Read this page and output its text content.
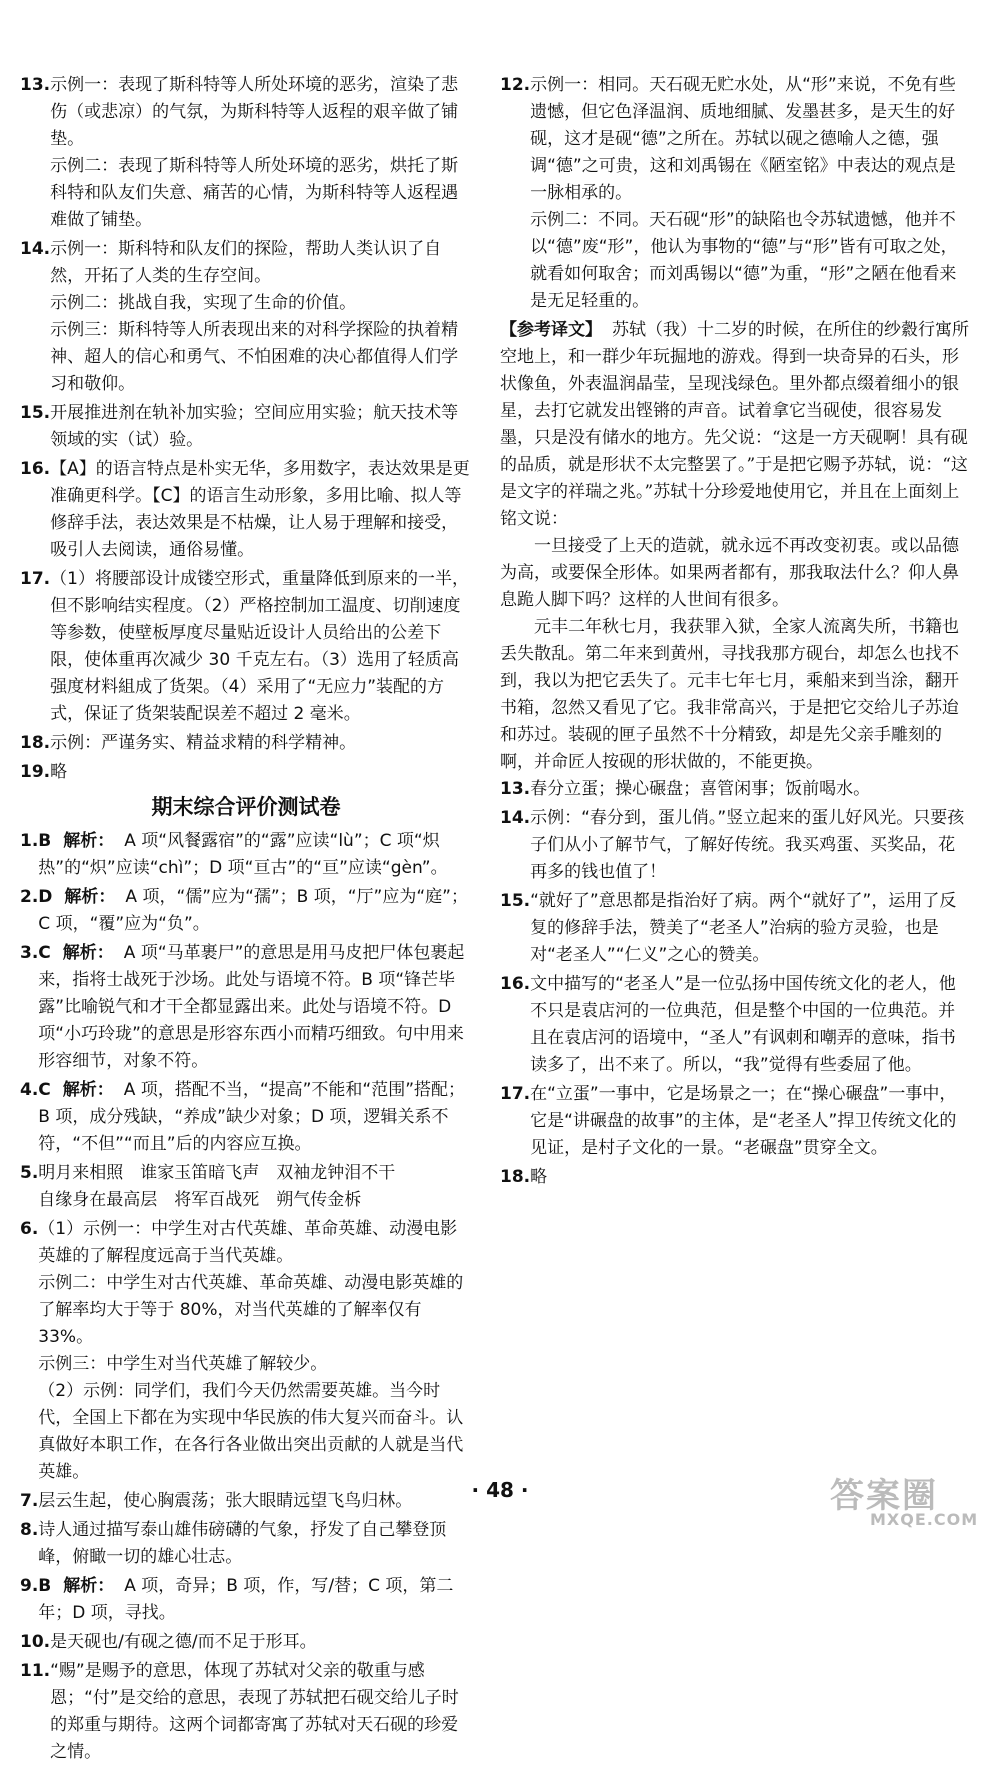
13. 示例一：表现了斯科特等人所处环境的恶劣，渲染了悲伤（或悲凉）的气氛，为斯科特等人返程的艰辛做了铺垫。

示例二：表现了斯科特等人所处环境的恶劣，烘托了斯科特和队友们失意、痛苦的心情，为斯科特等人返程遇难做了铺垫。

14. 示例一：斯科特和队友们的探险，帮助人类认识了自然，开拓了人类的生存空间。

示例二：挑战自我，实现了生命的价值。

示例三：斯科特等人所表现出来的对科学探险的执着精神、超人的信心和勇气、不怕困难的决心都值得人们学习和敬仰。

15. 开展推进剂在轨补加实验；空间应用实验；航天技术等领域的实（试）验。

16. 【A】的语言特点是朴实无华，多用数字，表达效果是更准确更科学。【C】的语言生动形象，多用比喻、拟人等修辞手法，表达效果是不枯燥，让人易于理解和接受，吸引人去阅读，通俗易懂。

17. （1）将腰部设计成镂空形式，重量降低到原来的一半，但不影响结实程度。（2）严格控制加工温度、切削速度等参数，使壁板厚度尽量贴近设计人员给出的公差下限，使体重再次减少 30 千克左右。（3）选用了轻质高强度材料組成了货架。（4）采用了“无应力”装配的方式，保证了货架装配误差不超过 2 毫米。

18. 示例：严谨务实、精益求精的科学精神。

19. 略

期末综合评价测试卷
1. B 解析： A 项“风餐露宿”的“露”应读“lù”；C 项“炽热”的“炽”应读“chì”；D 项“亘古”的“亘”应读“gèn”。

2. D 解析： A 项，“儒”应为“孺”；B 项，“厅”应为“庭”；C 项，“覆”应为“负”。

3. C 解析： A 项“马革裹尸”的意思是用马皮把尸体包裹起来，指将士战死于沙场。此处与语境不符。B 项“锋芒毕露”比喻锐气和才干全都显露出来。此处与语境不符。D 项“小巧玲珑”的意思是形容东西小而精巧细致。句中用来形容细节，对象不符。

4. C 解析： A 项，搭配不当，“提高”不能和“范围”搭配；B 项，成分残缺，“养成”缺少对象；D 项，逻辑关系不符，“不但”“而且”后的内容应互换。

5. 明月来相照　谁家玉笛暗飞声　双袖龙钟泪不干

自缘身在最高层　将军百战死　朔气传金柝

6. （1）示例一：中学生对古代英雄、革命英雄、动漫电影英雄的了解程度远高于当代英雄。

示例二：中学生对古代英雄、革命英雄、动漫电影英雄的了解率均大于等于 80%，对当代英雄的了解率仅有 33%。

示例三：中学生对当代英雄了解较少。

（2）示例：同学们，我们今天仍然需要英雄。当今时代，全国上下都在为实现中华民族的伟大复兴而奋斗。认真做好本职工作，在各行各业做出突出贡献的人就是当代英雄。

7. 层云生起，使心胸震荡；张大眼睛远望飞鸟归林。

8. 诗人通过描写泰山雄伟磅礴的气象，抒发了自己攀登顶峰，俯瞰一切的雄心壮志。

9. B 解析： A 项，奇异；B 项，作，写/替；C 项，第二年；D 项，寻找。

10. 是天砚也/有砚之德/而不足于形耳。

11. “赐”是赐予的意思，体现了苏轼对父亲的敬重与感恩；“付”是交给的意思，表现了苏轼把石砚交给儿子时的郑重与期待。这两个词都寄寓了苏轼对天石砚的珍爱之情。

12. 示例一：相同。天石砚无贮水处，从“形”来说，不免有些遗憾，但它色泽温润、质地细腻、发墨甚多，是天生的好砚，这才是砚“德”之所在。苏轼以砚之德喻人之德，强调“德”之可贵，这和刘禹锡在《陋室铭》中表达的观点是一脉相承的。

示例二：不同。天石砚“形”的缺陷也令苏轼遗憾，他并不以“德”废“形”，他认为事物的“德”与“形”皆有可取之处，就看如何取舍；而刘禹锡以“德”为重，“形”之陋在他看来是无足轻重的。

【参考译文】 苏轼（我）十二岁的时候，在所住的纱縠行寓所空地上，和一群少年玩掘地的游戏。得到一块奇异的石头，形状像鱼，外表温润晶莹，呈现浅绿色。里外都点缀着细小的银星，去打它就发出铿锵的声音。试着拿它当砚使，很容易发墨，只是没有储水的地方。先父说：“这是一方天砚啊！具有砚的品质，就是形状不太完整罢了。”于是把它赐予苏轼，说：“这是文字的祥瑞之兆。”苏轼十分珍爱地使用它，并且在上面刻上铭文说：

一旦接受了上天的造就，就永远不再改变初衷。或以品德为高，或要保全形体。如果两者都有，那我取法什么？仰人鼻息跪人脚下吗？这样的人世间有很多。

元丰二年秋七月，我获罪入狱，全家人流离失所，书籍也丢失散乱。第二年来到黄州，寻找我那方砚台，却怎么也找不到，我以为把它丢失了。元丰七年七月，乘船来到当涂，翻开书箱，忽然又看见了它。我非常高兴，于是把它交给儿子苏迨和苏过。装砚的匣子虽然不十分精致，却是先父亲手雕刻的啊，并命匠人按砚的形状做的，不能更换。

13. 春分立蛋；操心碾盘；喜管闲事；饭前喝水。

14. 示例：“春分到，蛋儿俏。”竖立起来的蛋儿好风光。只要孩子们从小了解节气，了解好传统。我买鸡蛋、买奖品，花再多的钱也值了！

15. “就好了”意思都是指治好了病。两个“就好了”，运用了反复的修辞手法，赞美了“老圣人”治病的验方灵验，也是对“老圣人”“仁义”之心的赞美。

16. 文中描写的“老圣人”是一位弘扬中国传统文化的老人，他不只是袁店河的一位典范，但是整个中国的一位典范。并且在袁店河的语境中，“圣人”有讽刺和嘲弄的意味，指书读多了，出不来了。所以，“我”觉得有些委屈了他。

17. 在“立蛋”一事中，它是场景之一；在“操心碾盘”一事中，它是“讲碾盘的故事”的主体，是“老圣人”捍卫传统文化的见证，是村子文化的一景。“老碾盘”贯穿全文。

18. 略

· 48 ·	答案圈
MXQE.COM
